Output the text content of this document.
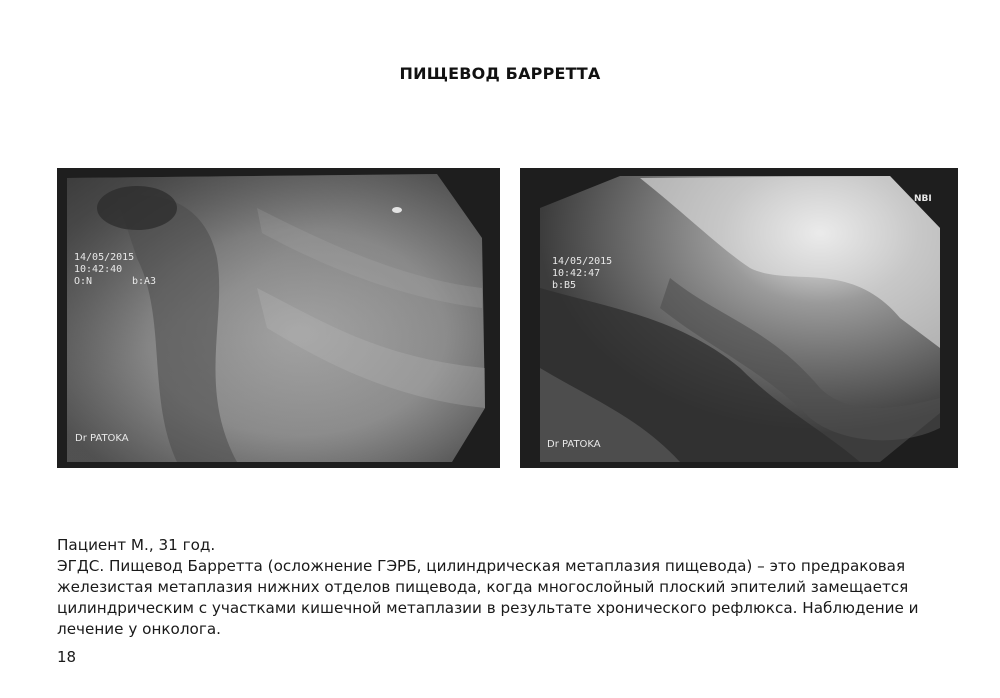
ПИЩЕВОД БАРРЕТТА
14/05/2015
10:42:40
O:N	b:A3
Dr PATOKA
NBI
14/05/2015
10:42:47
b:B5
Dr PATOKA

Пациент М., 31 год.

ЭГДС. Пищевод Барретта (осложнение ГЭРБ, цилиндрическая метаплазия пищевода) – это предраковая железистая метаплазия нижних отделов пищевода, когда многослойный плоский эпителий замещается цилиндрическим с участками кишечной метаплазии в результате хронического рефлюкса. Наблюдение и лечение у онколога.

18
